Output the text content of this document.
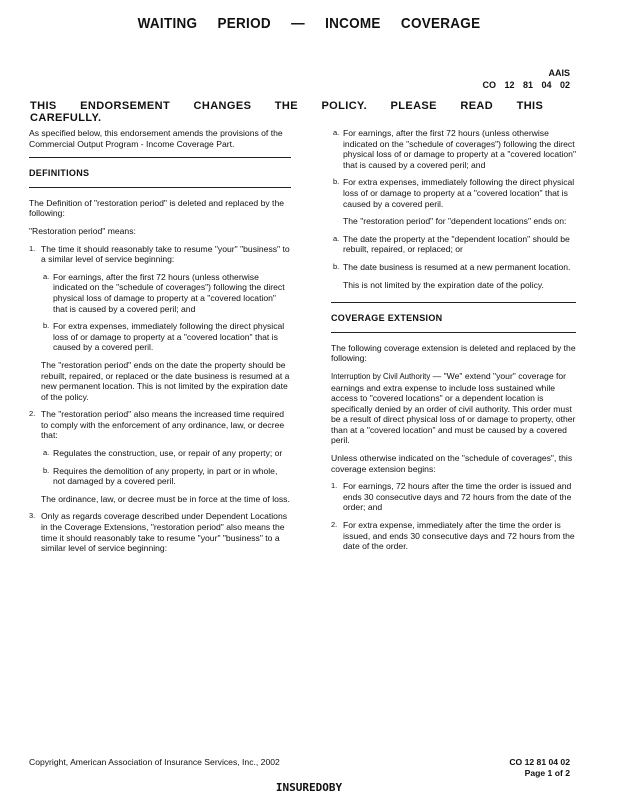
WAITING PERIOD — INCOME COVERAGE
AAIS
CO 12 81 04 02
THIS ENDORSEMENT CHANGES THE POLICY. PLEASE READ THIS CAREFULLY.

As specified below, this endorsement amends the provisions of the Commercial Output Program - Income Coverage Part.

DEFINITIONS

The Definition of "restoration period" is deleted and replaced by the following:

"Restoration period" means:

1. The time it should reasonably take to resume "your" "business" to a similar level of service beginning:
a. For earnings, after the first 72 hours (unless otherwise indicated on the "schedule of coverages") following the direct physical loss of damage to property at a "covered location" that is caused by a covered peril; and
b. For extra expenses, immediately following the direct physical loss of or damage to property at a "covered location" that is caused by a covered peril.

The "restoration period" ends on the date the property should be rebuilt, repaired, or replaced or the date business is resumed at a new permanent location. This is not limited by the expiration date of the policy.

2. The "restoration period" also means the increased time required to comply with the enforcement of any ordinance, law, or decree that:
a. Regulates the construction, use, or repair of any property; or
b. Requires the demolition of any property, in part or in whole, not damaged by a covered peril.

The ordinance, law, or decree must be in force at the time of loss.

3. Only as regards coverage described under Dependent Locations in the Coverage Extensions, "restoration period" also means the time it should reasonably take to resume "your" "business" to a similar level of service beginning:
a. For earnings, after the first 72 hours (unless otherwise indicated on the "schedule of coverages") following the direct physical loss of or damage to property at a "covered location" that is caused by a covered peril; and
b. For extra expenses, immediately following the direct physical loss of or damage to property at a "covered location" that is caused by a covered peril.

The "restoration period" for "dependent locations" ends on:

a. The date the property at the "dependent location" should be rebuilt, repaired, or replaced; or
b. The date business is resumed at a new permanent location.

This is not limited by the expiration date of the policy.

COVERAGE EXTENSION

The following coverage extension is deleted and replaced by the following:

Interruption by Civil Authority — "We" extend "your" coverage for earnings and extra expense to include loss sustained while access to "covered locations" or a dependent location is specifically denied by an order of civil authority. This order must be a result of direct physical loss of or damage to property, other than at a "covered location" and must be caused by a covered peril.

Unless otherwise indicated on the "schedule of coverages", this coverage extension begins:

1. For earnings, 72 hours after the time the order is issued and ends 30 consecutive days and 72 hours from the date of the order; and
2. For extra expense, immediately after the time the order is issued, and ends 30 consecutive days and 72 hours from the date of the order.
Copyright, American Association of Insurance Services, Inc., 2002	CO 12 81 04 02
Page 1 of 2
INSUREDOBY
